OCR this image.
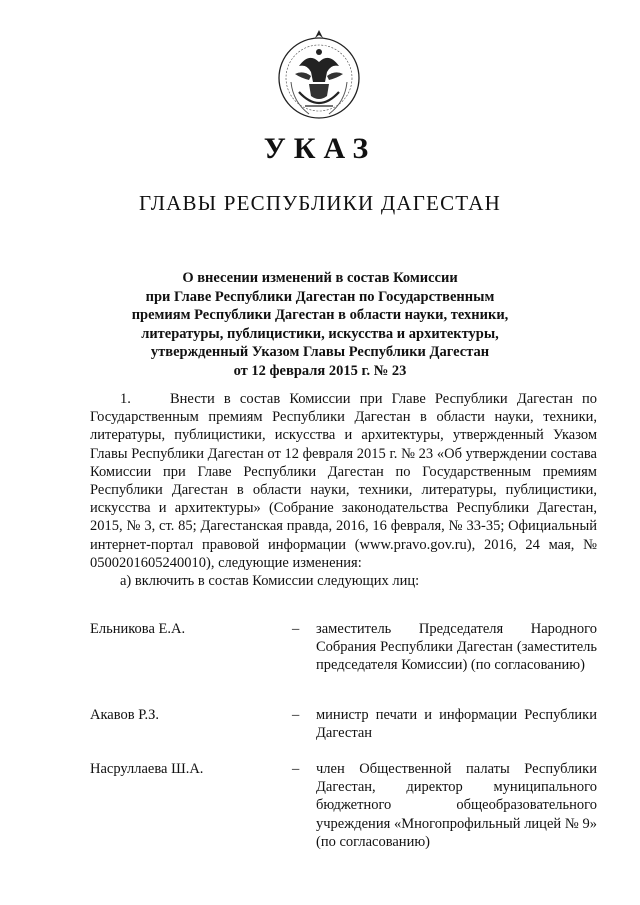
УКАЗ
ГЛАВЫ РЕСПУБЛИКИ ДАГЕСТАН
О внесении изменений в состав Комиссии
при Главе Республики Дагестан по Государственным
премиям Республики Дагестан в области науки, техники,
литературы, публицистики, искусства и архитектуры,
утвержденный Указом Главы Республики Дагестан
от 12 февраля 2015 г. № 23

1.	Внести в состав Комиссии при Главе Республики Дагестан по Государственным премиям Республики Дагестан в области науки, техники, литературы, публицистики, искусства и архитектуры, утвержденный Указом Главы Республики Дагестан от 12 февраля 2015 г. № 23 «Об утверждении состава Комиссии при Главе Республики Дагестан по Государственным премиям Республики Дагестан в области науки, техники, литературы, публицистики, искусства и архитектуры» (Собрание законодательства Республики Дагестан, 2015, № 3, ст. 85; Дагестанская правда, 2016, 16 февраля, № 33-35; Официальный интернет-портал правовой информации (www.pravo.gov.ru), 2016, 24 мая, № 0500201605240010), следующие изменения:

а) включить в состав Комиссии следующих лиц:

Ельникова Е.А.	– заместитель Председателя Народного Собрания Республики Дагестан (заместитель председателя Комиссии) (по согласованию)
Акавов Р.З.	– министр печати и информации Республики Дагестан
Насруллаева Ш.А.	– член Общественной палаты Республики Дагестан, директор муниципального бюджетного общеобразовательного учреждения «Многопрофильный лицей № 9» (по согласованию)
